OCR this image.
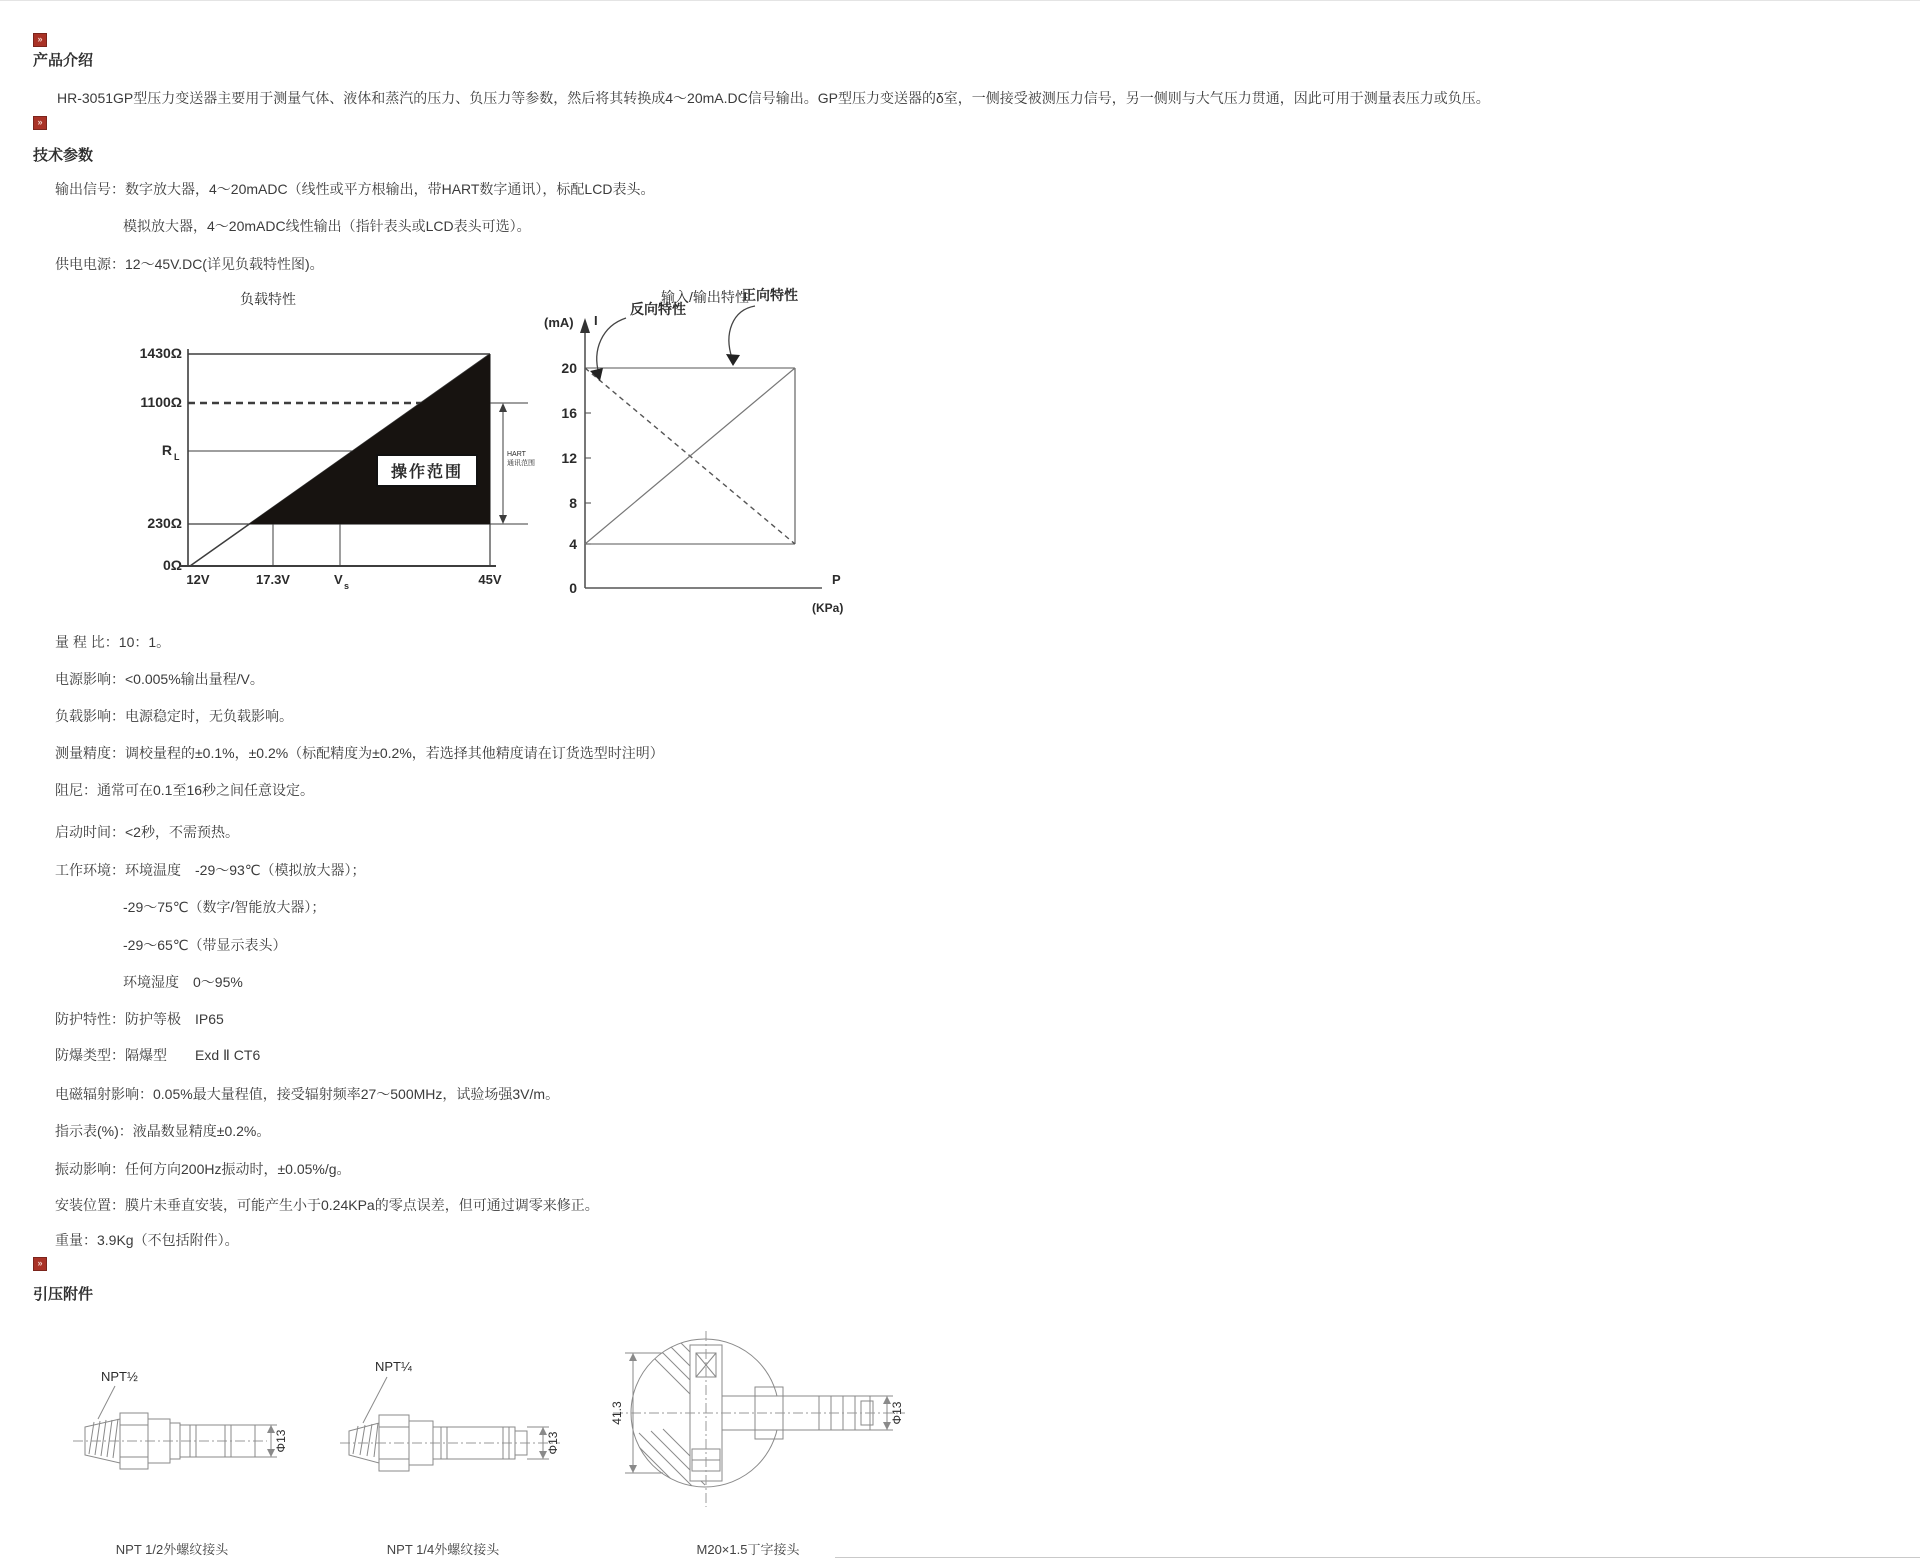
»
产品介绍
HR-3051GP型压力变送器主要用于测量气体、液体和蒸汽的压力、负压力等参数，然后将其转换成4～20mA.DC信号输出。GP型压力变送器的δ室，一侧接受被测压力信号，另一侧则与大气压力贯通，因此可用于测量表压力或负压。
»
技术参数
输出信号：数字放大器，4～20mADC（线性或平方根输出，带HART数字通讯），标配LCD表头。
模拟放大器，4～20mADC线性输出（指针表头或LCD表头可选）。
供电电源：12～45V.DC(详见负载特性图)。
负载特性
1430Ω
1100Ω
R L
230Ω
0Ω
操作范围
HART
通讯范围
12V	17.3V	V s	45V
输入/输出特性
(mA) I
20
16
12
8
4
0
反向特性
正向特性
P
(KPa)
量 程 比：10：1。
电源影响：<0.005%输出量程/V。
负载影响：电源稳定时，无负载影响。
测量精度：调校量程的±0.1%，±0.2%（标配精度为±0.2%，若选择其他精度请在订货选型时注明）
阻尼：通常可在0.1至16秒之间任意设定。
启动时间：<2秒，不需预热。
工作环境：环境温度　-29～93℃（模拟放大器）；
-29～75℃（数字/智能放大器）；
-29～65℃（带显示表头）
环境湿度　0～95%
防护特性：防护等极　IP65
防爆类型：隔爆型　　Exd Ⅱ CT6
电磁辐射影响：0.05%最大量程值，接受辐射频率27～500MHz，试验场强3V/m。
指示表(%)：液晶数显精度±0.2%。
振动影响：任何方向200Hz振动时，±0.05%/g。
安装位置：膜片未垂直安装，可能产生小于0.24KPa的零点误差，但可通过调零来修正。
重量：3.9Kg（不包括附件）。
»
引压附件
NPT½
Φ13
NPT¼
Φ13
41.3	Φ13
NPT 1/2外螺纹接头	NPT 1/4外螺纹接头	M20×1.5丁字接头
